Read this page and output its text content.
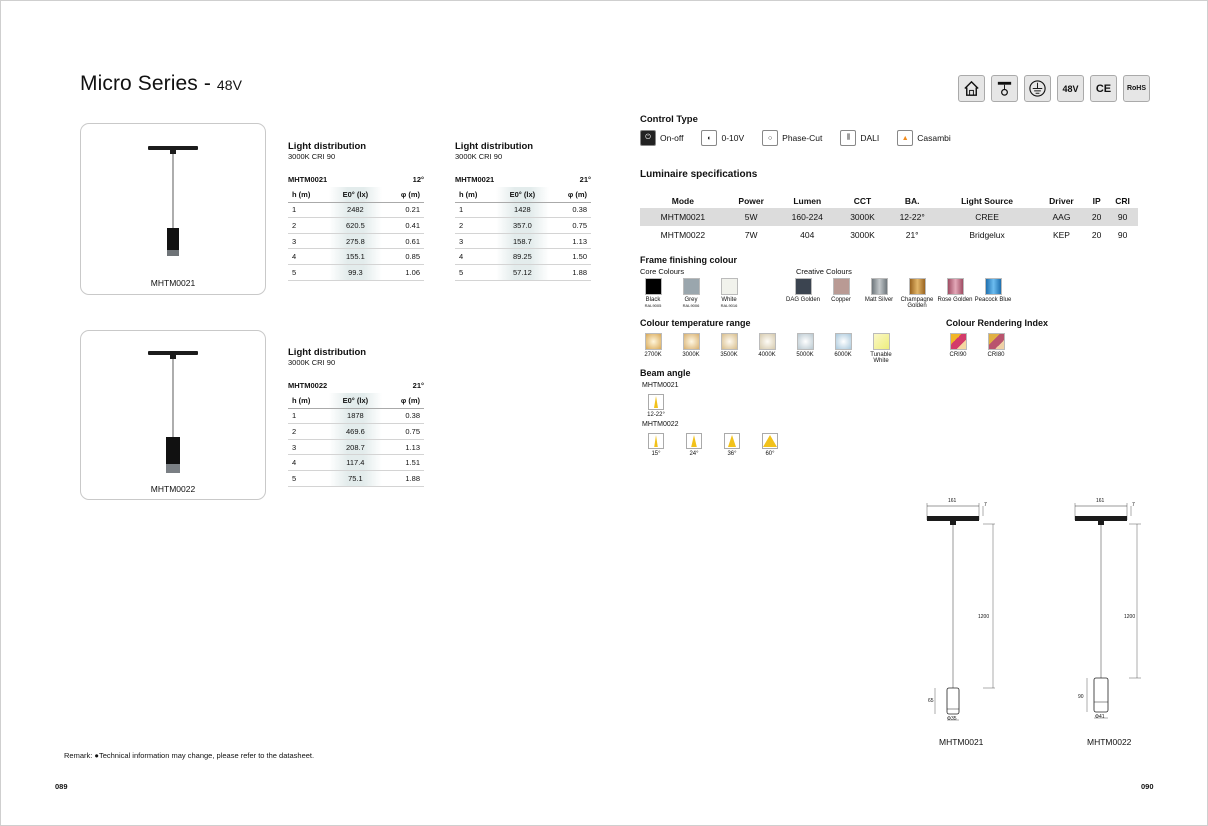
Micro Series - 48V	48V	CE	RoHS
MHTM0021
MHTM0022
Light distribution
3000K CRI 90
MHTM0021	12°
h (m)	E0° (lx)	φ (m)
1	2482	0.21
2	620.5	0.41
3	275.8	0.61
4	155.1	0.85
5	99.3	1.06
Light distribution
3000K CRI 90
MHTM0021	21°
h (m)	E0° (lx)	φ (m)
1	1428	0.38
2	357.0	0.75
3	158.7	1.13
4	89.25	1.50
5	57.12	1.88
Light distribution
3000K CRI 90
MHTM0022	21°
h (m)	E0° (lx)	φ (m)
1	1878	0.38
2	469.6	0.75
3	208.7	1.13
4	117.4	1.51
5	75.1	1.88
Control Type
⏻	On-off	◐	0-10V	○	Phase-Cut	⫼	DALI	▲	Casambi
Luminaire specifications
Mode	Power	Lumen	CCT	BA.	Light Source	Driver	IP	CRI
MHTM0021	5W	160-224	3000K	12-22°	CREE	AAG	20	90
MHTM0022	7W	404	3000K	21°	Bridgelux	KEP	20	90
Frame finishing colour
Core Colours	Creative Colours
Black
RAL9005
Grey
RAL9006
White
RAL9016
DAG Golden	Copper	Matt Silver	Champagne Golden
Rose Golden Peacock Blue
Colour temperature range
2700K	3000K	3500K	4000K	5000K	6000K	Tunable White
Colour Rendering Index
CRI90	CRI80
Beam angle
MHTM0021
12-22°
MHTM0022
15°	24°	36°	60°
161
7
1200
65
Φ35
MHTM0021
161
7
1200
90
Φ41
MHTM0022
Remark: ●Technical information may change, please refer to the datasheet.
089	090
